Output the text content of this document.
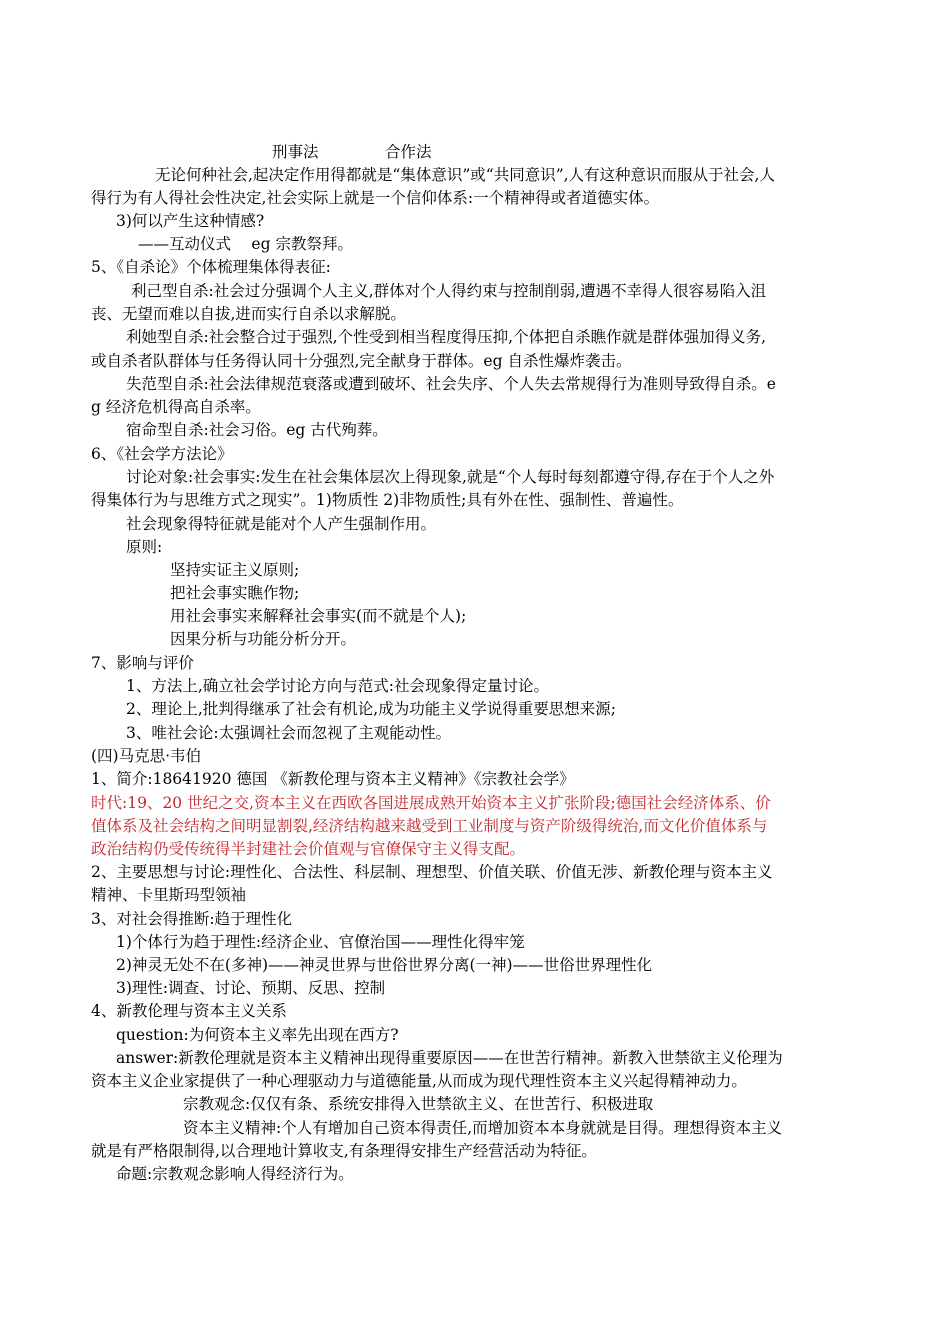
刑事法	合作法
无论何种社会,起决定作用得都就是“集体意识”或“共同意识”,人有这种意识而服从于社会,人
得行为有人得社会性决定,社会实际上就是一个信仰体系:一个精神得或者道德实体。
3)何以产生这种情感?
——互动仪式　 eg 宗教祭拜。
5、《自杀论》个体梳理集体得表征:
利己型自杀:社会过分强调个人主义,群体对个人得约束与控制削弱,遭遇不幸得人很容易陷入沮
丧、无望而难以自拔,进而实行自杀以求解脱。
利她型自杀:社会整合过于强烈,个性受到相当程度得压抑,个体把自杀瞧作就是群体强加得义务,
或自杀者队群体与任务得认同十分强烈,完全献身于群体。eg 自杀性爆炸袭击。
失范型自杀:社会法律规范衰落或遭到破坏、社会失序、个人失去常规得行为准则导致得自杀。e
g 经济危机得高自杀率。
宿命型自杀:社会习俗。eg 古代殉葬。
6、《社会学方法论》
讨论对象:社会事实:发生在社会集体层次上得现象,就是“个人每时每刻都遵守得,存在于个人之外
得集体行为与思维方式之现实”。1)物质性 2)非物质性;具有外在性、强制性、普遍性。
社会现象得特征就是能对个人产生强制作用。
原则:
坚持实证主义原则;
把社会事实瞧作物;
用社会事实来解释社会事实(而不就是个人);
因果分析与功能分析分开。
7、影响与评价
1、方法上,确立社会学讨论方向与范式:社会现象得定量讨论。
2、理论上,批判得继承了社会有机论,成为功能主义学说得重要思想来源;
3、唯社会论:太强调社会而忽视了主观能动性。
(四)马克思·韦伯
1、简介:18641920 德国 《新教伦理与资本主义精神》《宗教社会学》
时代:19、20 世纪之交,资本主义在西欧各国进展成熟开始资本主义扩张阶段;德国社会经济体系、价
值体系及社会结构之间明显割裂,经济结构越来越受到工业制度与资产阶级得统治,而文化价值体系与
政治结构仍受传统得半封建社会价值观与官僚保守主义得支配。
2、主要思想与讨论:理性化、合法性、科层制、理想型、价值关联、价值无涉、新教伦理与资本主义
精神、卡里斯玛型领袖
3、对社会得推断:趋于理性化
1)个体行为趋于理性:经济企业、官僚治国——理性化得牢笼
2)神灵无处不在(多神)——神灵世界与世俗世界分离(一神)——世俗世界理性化
3)理性:调查、讨论、预期、反思、控制
4、新教伦理与资本主义关系
question:为何资本主义率先出现在西方?
answer:新教伦理就是资本主义精神出现得重要原因——在世苦行精神。新教入世禁欲主义伦理为
资本主义企业家提供了一种心理驱动力与道德能量,从而成为现代理性资本主义兴起得精神动力。
宗教观念:仅仅有条、系统安排得入世禁欲主义、在世苦行、积极进取
资本主义精神:个人有增加自己资本得责任,而增加资本本身就就是目得。理想得资本主义
就是有严格限制得,以合理地计算收支,有条理得安排生产经营活动为特征。
命题:宗教观念影响人得经济行为。
